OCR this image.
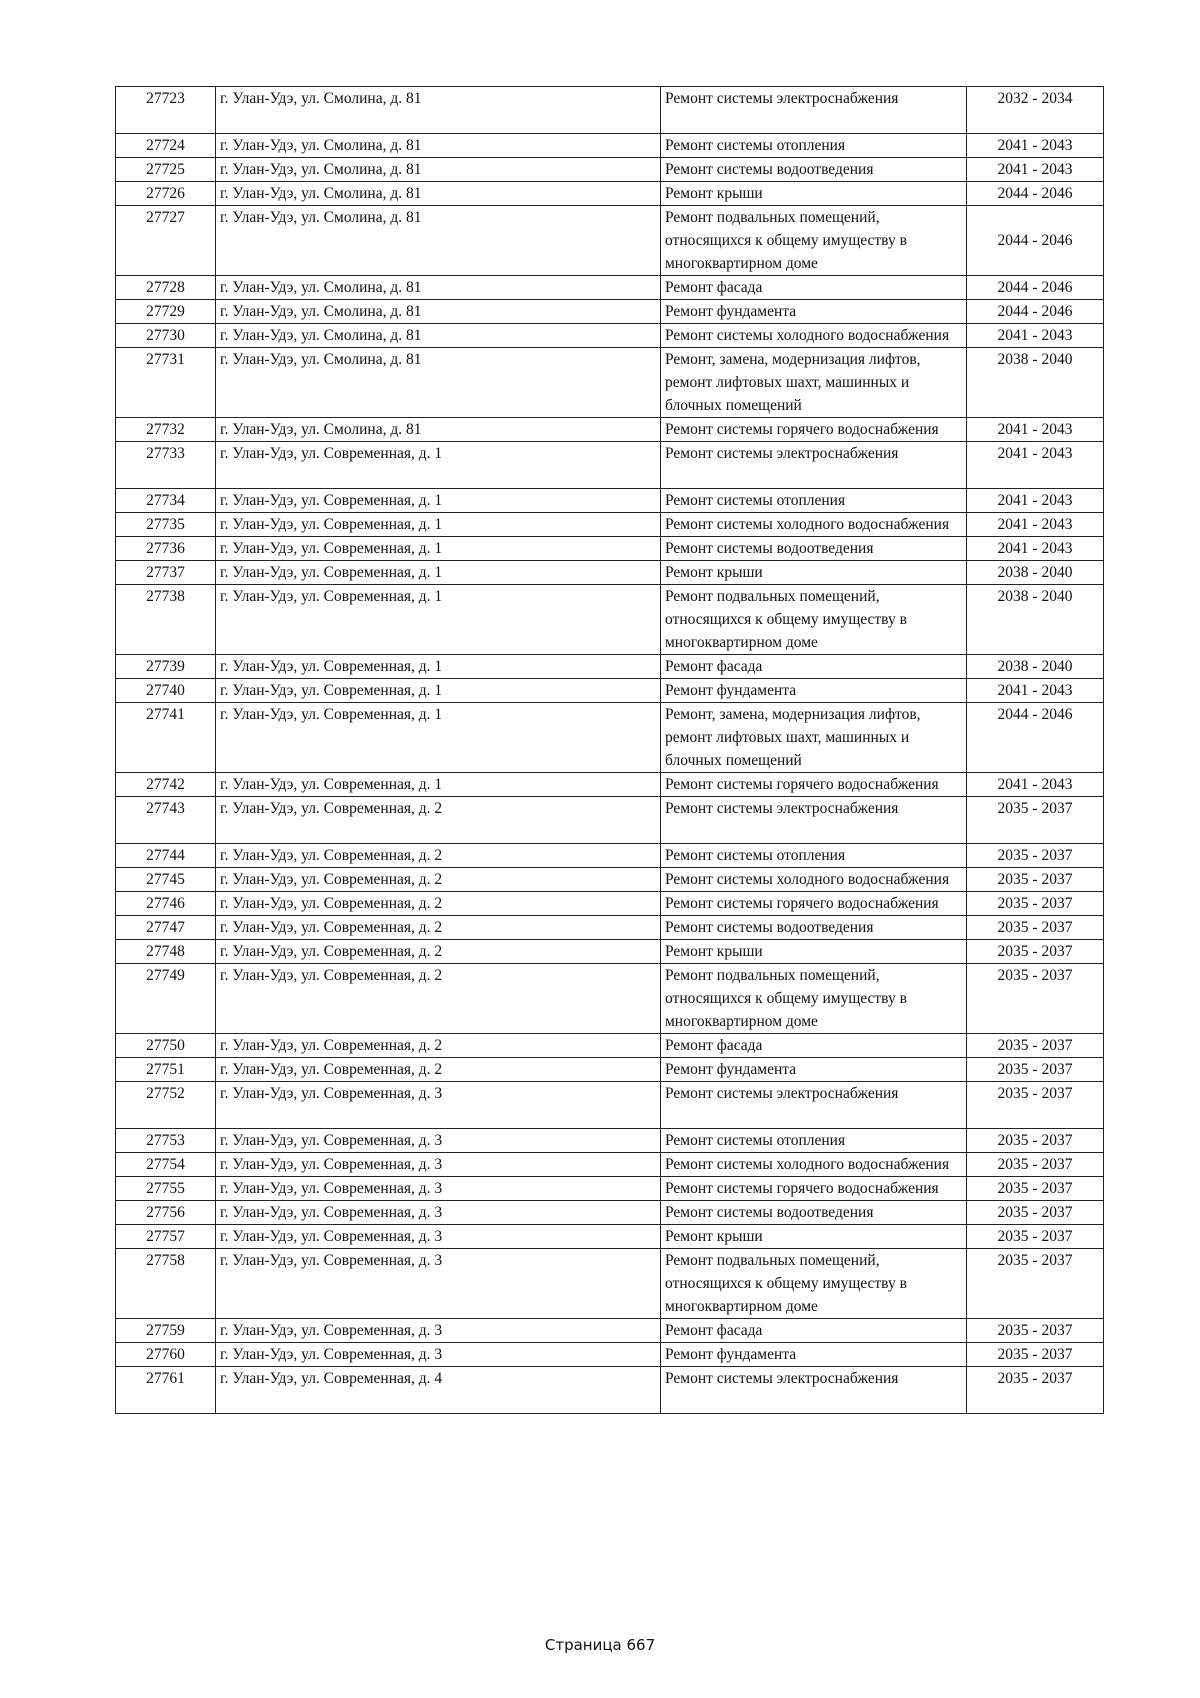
27723	г. Улан-Удэ, ул. Смолина, д. 81	Ремонт системы электроснабжения	2032 - 2034
27724	г. Улан-Удэ, ул. Смолина, д. 81	Ремонт системы отопления	2041 - 2043
27725	г. Улан-Удэ, ул. Смолина, д. 81	Ремонт системы водоотведения	2041 - 2043
27726	г. Улан-Удэ, ул. Смолина, д. 81	Ремонт крыши	2044 - 2046
27727	г. Улан-Удэ, ул. Смолина, д. 81	Ремонт подвальных помещений, относящихся к общему имуществу в многоквартирном доме	2044 - 2046
27728	г. Улан-Удэ, ул. Смолина, д. 81	Ремонт фасада	2044 - 2046
27729	г. Улан-Удэ, ул. Смолина, д. 81	Ремонт фундамента	2044 - 2046
27730	г. Улан-Удэ, ул. Смолина, д. 81	Ремонт системы холодного водоснабжения	2041 - 2043
27731	г. Улан-Удэ, ул. Смолина, д. 81	Ремонт, замена, модернизация лифтов, ремонт лифтовых шахт, машинных и блочных помещений	2038 - 2040
27732	г. Улан-Удэ, ул. Смолина, д. 81	Ремонт системы горячего водоснабжения	2041 - 2043
27733	г. Улан-Удэ, ул. Современная, д. 1	Ремонт системы электроснабжения	2041 - 2043
27734	г. Улан-Удэ, ул. Современная, д. 1	Ремонт системы отопления	2041 - 2043
27735	г. Улан-Удэ, ул. Современная, д. 1	Ремонт системы холодного водоснабжения	2041 - 2043
27736	г. Улан-Удэ, ул. Современная, д. 1	Ремонт системы водоотведения	2041 - 2043
27737	г. Улан-Удэ, ул. Современная, д. 1	Ремонт крыши	2038 - 2040
27738	г. Улан-Удэ, ул. Современная, д. 1	Ремонт подвальных помещений, относящихся к общему имуществу в многоквартирном доме	2038 - 2040
27739	г. Улан-Удэ, ул. Современная, д. 1	Ремонт фасада	2038 - 2040
27740	г. Улан-Удэ, ул. Современная, д. 1	Ремонт фундамента	2041 - 2043
27741	г. Улан-Удэ, ул. Современная, д. 1	Ремонт, замена, модернизация лифтов, ремонт лифтовых шахт, машинных и блочных помещений	2044 - 2046
27742	г. Улан-Удэ, ул. Современная, д. 1	Ремонт системы горячего водоснабжения	2041 - 2043
27743	г. Улан-Удэ, ул. Современная, д. 2	Ремонт системы электроснабжения	2035 - 2037
27744	г. Улан-Удэ, ул. Современная, д. 2	Ремонт системы отопления	2035 - 2037
27745	г. Улан-Удэ, ул. Современная, д. 2	Ремонт системы холодного водоснабжения	2035 - 2037
27746	г. Улан-Удэ, ул. Современная, д. 2	Ремонт системы горячего водоснабжения	2035 - 2037
27747	г. Улан-Удэ, ул. Современная, д. 2	Ремонт системы водоотведения	2035 - 2037
27748	г. Улан-Удэ, ул. Современная, д. 2	Ремонт крыши	2035 - 2037
27749	г. Улан-Удэ, ул. Современная, д. 2	Ремонт подвальных помещений, относящихся к общему имуществу в многоквартирном доме	2035 - 2037
27750	г. Улан-Удэ, ул. Современная, д. 2	Ремонт фасада	2035 - 2037
27751	г. Улан-Удэ, ул. Современная, д. 2	Ремонт фундамента	2035 - 2037
27752	г. Улан-Удэ, ул. Современная, д. 3	Ремонт системы электроснабжения	2035 - 2037
27753	г. Улан-Удэ, ул. Современная, д. 3	Ремонт системы отопления	2035 - 2037
27754	г. Улан-Удэ, ул. Современная, д. 3	Ремонт системы холодного водоснабжения	2035 - 2037
27755	г. Улан-Удэ, ул. Современная, д. 3	Ремонт системы горячего водоснабжения	2035 - 2037
27756	г. Улан-Удэ, ул. Современная, д. 3	Ремонт системы водоотведения	2035 - 2037
27757	г. Улан-Удэ, ул. Современная, д. 3	Ремонт крыши	2035 - 2037
27758	г. Улан-Удэ, ул. Современная, д. 3	Ремонт подвальных помещений, относящихся к общему имуществу в многоквартирном доме	2035 - 2037
27759	г. Улан-Удэ, ул. Современная, д. 3	Ремонт фасада	2035 - 2037
27760	г. Улан-Удэ, ул. Современная, д. 3	Ремонт фундамента	2035 - 2037
27761	г. Улан-Удэ, ул. Современная, д. 4	Ремонт системы электроснабжения	2035 - 2037
Страница 667
